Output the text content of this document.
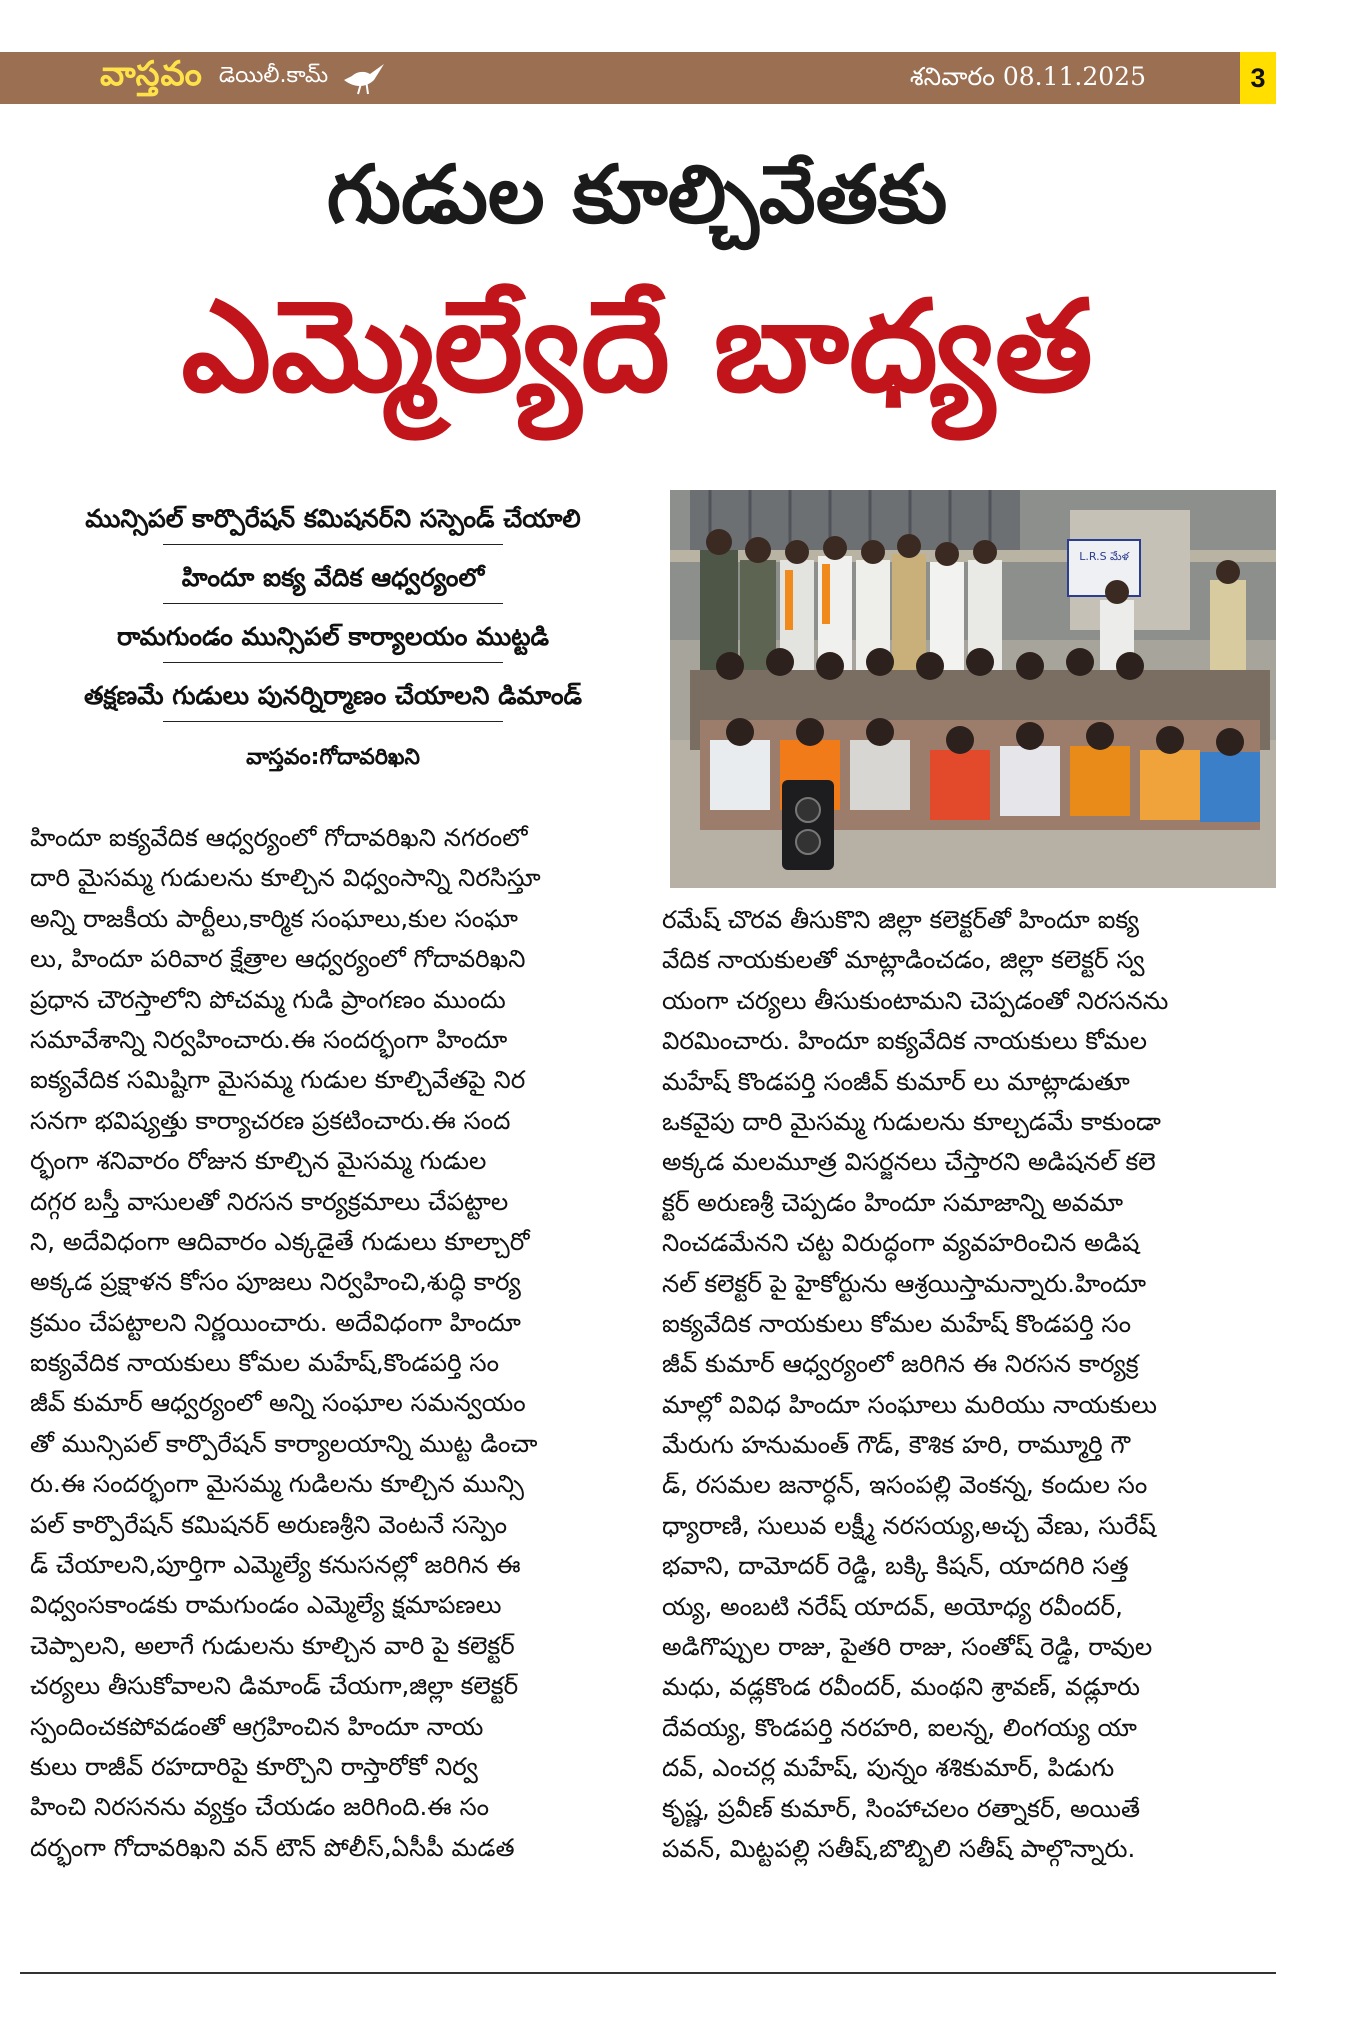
వాస్తవం డెయిలీ.కామ్	శనివారం 08.11.2025	3
గుడుల కూల్చివేతకు
ఎమ్మెల్యేదే బాధ్యత
మున్సిపల్ కార్పొరేషన్ కమిషనర్‌ని సస్పెండ్ చేయాలి
హిందూ ఐక్య వేదిక ఆధ్వర్యంలో
రామగుండం మున్సిపల్ కార్యాలయం ముట్టడి
తక్షణమే గుడులు పునర్నిర్మాణం చేయాలని డిమాండ్
వాస్తవం:గోదావరిఖని
L.R.S మేళ
హిందూ ఐక్యవేదిక ఆధ్వర్యంలో గోదావరిఖని నగరంలో
దారి మైసమ్మ గుడులను కూల్చిన విధ్వంసాన్ని నిరసిస్తూ
అన్ని రాజకీయ పార్టీలు,కార్మిక సంఘాలు,కుల సంఘా
లు, హిందూ పరివార క్షేత్రాల ఆధ్వర్యంలో గోదావరిఖని
ప్రధాన చౌరస్తాలోని పోచమ్మ గుడి ప్రాంగణం ముందు
సమావేశాన్ని నిర్వహించారు.ఈ సందర్భంగా హిందూ
ఐక్యవేదిక సమిష్టిగా మైసమ్మ గుడుల కూల్చివేతపై నిర
సనగా భవిష్యత్తు కార్యాచరణ ప్రకటించారు.ఈ సంద
ర్భంగా శనివారం రోజున కూల్చిన మైసమ్మ గుడుల
దగ్గర బస్తీ వాసులతో నిరసన కార్యక్రమాలు చేపట్టాల
ని, అదేవిధంగా ఆదివారం ఎక్కడైతే గుడులు కూల్చారో
అక్కడ ప్రక్షాళన కోసం పూజలు నిర్వహించి,శుద్ధి కార్య
క్రమం చేపట్టాలని నిర్ణయించారు. అదేవిధంగా హిందూ
ఐక్యవేదిక నాయకులు కోమల మహేష్,కొండపర్తి సం
జీవ్ కుమార్ ఆధ్వర్యంలో అన్ని సంఘాల సమన్వయం
తో మున్సిపల్ కార్పొరేషన్ కార్యాలయాన్ని ముట్ట డించా
రు.ఈ సందర్భంగా మైసమ్మ గుడిలను కూల్చిన మున్సి
పల్ కార్పొరేషన్ కమిషనర్ అరుణశ్రీని వెంటనే సస్పెం
డ్ చేయాలని,పూర్తిగా ఎమ్మెల్యే కనుసనల్లో జరిగిన ఈ
విధ్వంసకాండకు రామగుండం ఎమ్మెల్యే క్షమాపణలు
చెప్పాలని, అలాగే గుడులను కూల్చిన వారి పై కలెక్టర్
చర్యలు తీసుకోవాలని డిమాండ్ చేయగా,జిల్లా కలెక్టర్
స్పందించకపోవడంతో ఆగ్రహించిన హిందూ నాయ
కులు రాజీవ్ రహదారిపై కూర్చొని రాస్తారోకో నిర్వ
హించి నిరసనను వ్యక్తం చేయడం జరిగింది.ఈ సం
దర్భంగా గోదావరిఖని వన్ టౌన్ పోలీస్,ఏసీపీ మడత
రమేష్ చొరవ తీసుకొని జిల్లా కలెక్టర్‌తో హిందూ ఐక్య
వేదిక నాయకులతో మాట్లాడించడం, జిల్లా కలెక్టర్ స్వ
యంగా చర్యలు తీసుకుంటామని చెప్పడంతో నిరసనను
విరమించారు. హిందూ ఐక్యవేదిక నాయకులు కోమల
మహేష్ కొండపర్తి సంజీవ్ కుమార్ లు మాట్లాడుతూ
ఒకవైపు దారి మైసమ్మ గుడులను కూల్చడమే కాకుండా
అక్కడ మలమూత్ర విసర్జనలు చేస్తారని అడిషనల్ కలె
క్టర్ అరుణశ్రీ చెప్పడం హిందూ సమాజాన్ని అవమా
నించడమేనని చట్ట విరుద్ధంగా వ్యవహరించిన అడిష
నల్ కలెక్టర్ పై హైకోర్టును ఆశ్రయిస్తామన్నారు.హిందూ
ఐక్యవేదిక నాయకులు కోమల మహేష్ కొండపర్తి సం
జీవ్ కుమార్ ఆధ్వర్యంలో జరిగిన ఈ నిరసన కార్యక్ర
మాల్లో వివిధ హిందూ సంఘాలు మరియు నాయకులు
మేరుగు హనుమంత్ గౌడ్, కౌశిక హరి, రామ్మూర్తి గౌ
డ్, రసమల జనార్ధన్, ఇసంపల్లి వెంకన్న, కందుల సం
ధ్యారాణి, సులువ లక్ష్మీ నరసయ్య,అచ్చ వేణు, సురేష్
భవాని, దామోదర్ రెడ్డి, బక్కి కిషన్, యాదగిరి సత్త
య్య, అంబటి నరేష్ యాదవ్, అయోధ్య రవీందర్,
అడిగొప్పుల రాజు, పైతరి రాజు, సంతోష్ రెడ్డి, రావుల
మధు, వడ్లకొండ రవీందర్, మంథని శ్రావణ్, వడ్లూరు
దేవయ్య, కొండపర్తి నరహరి, ఐలన్న, లింగయ్య యా
దవ్, ఎంచర్ల మహేష్, పున్నం శశికుమార్, పిడుగు
కృష్ణ, ప్రవీణ్ కుమార్, సింహాచలం రత్నాకర్, అయితే
పవన్, మిట్టపల్లి సతీష్,బొబ్బిలి సతీష్ పాల్గొన్నారు.
